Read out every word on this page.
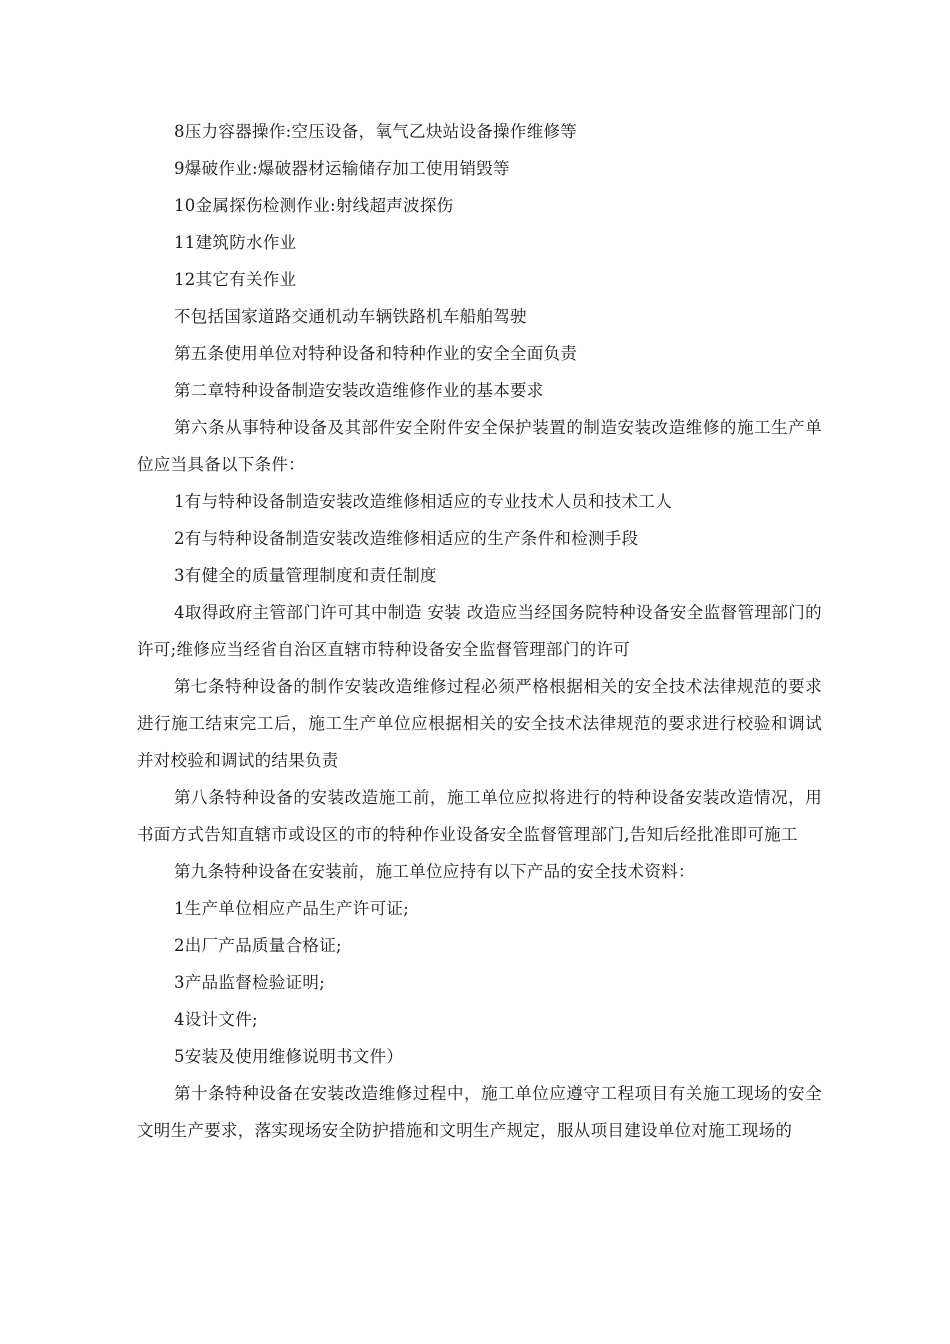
8压力容器操作:空压设备，氧气乙炔站设备操作维修等

9爆破作业:爆破器材运输储存加工使用销毁等

10金属探伤检测作业:射线超声波探伤

11建筑防水作业

12其它有关作业

不包括国家道路交通机动车辆铁路机车船舶驾驶

第五条使用单位对特种设备和特种作业的安全全面负责

第二章特种设备制造安装改造维修作业的基本要求

第六条从事特种设备及其部件安全附件安全保护装置的制造安装改造维修的施工生产单位应当具备以下条件：

1有与特种设备制造安装改造维修相适应的专业技术人员和技术工人

2有与特种设备制造安装改造维修相适应的生产条件和检测手段

3有健全的质量管理制度和责任制度

4取得政府主管部门许可其中制造 安装 改造应当经国务院特种设备安全监督管理部门的许可;维修应当经省自治区直辖市特种设备安全监督管理部门的许可

第七条特种设备的制作安装改造维修过程必须严格根据相关的安全技术法律规范的要求进行施工结束完工后，施工生产单位应根据相关的安全技术法律规范的要求进行校验和调试并对校验和调试的结果负责

第八条特种设备的安装改造施工前，施工单位应拟将进行的特种设备安装改造情况，用书面方式告知直辖市或设区的市的特种作业设备安全监督管理部门,告知后经批准即可施工

第九条特种设备在安装前，施工单位应持有以下产品的安全技术资料：

1生产单位相应产品生产许可证;

2出厂产品质量合格证;

3产品监督检验证明;

4设计文件;

5安装及使用维修说明书文件）

第十条特种设备在安装改造维修过程中，施工单位应遵守工程项目有关施工现场的安全文明生产要求，落实现场安全防护措施和文明生产规定，服从项目建设单位对施工现场的
